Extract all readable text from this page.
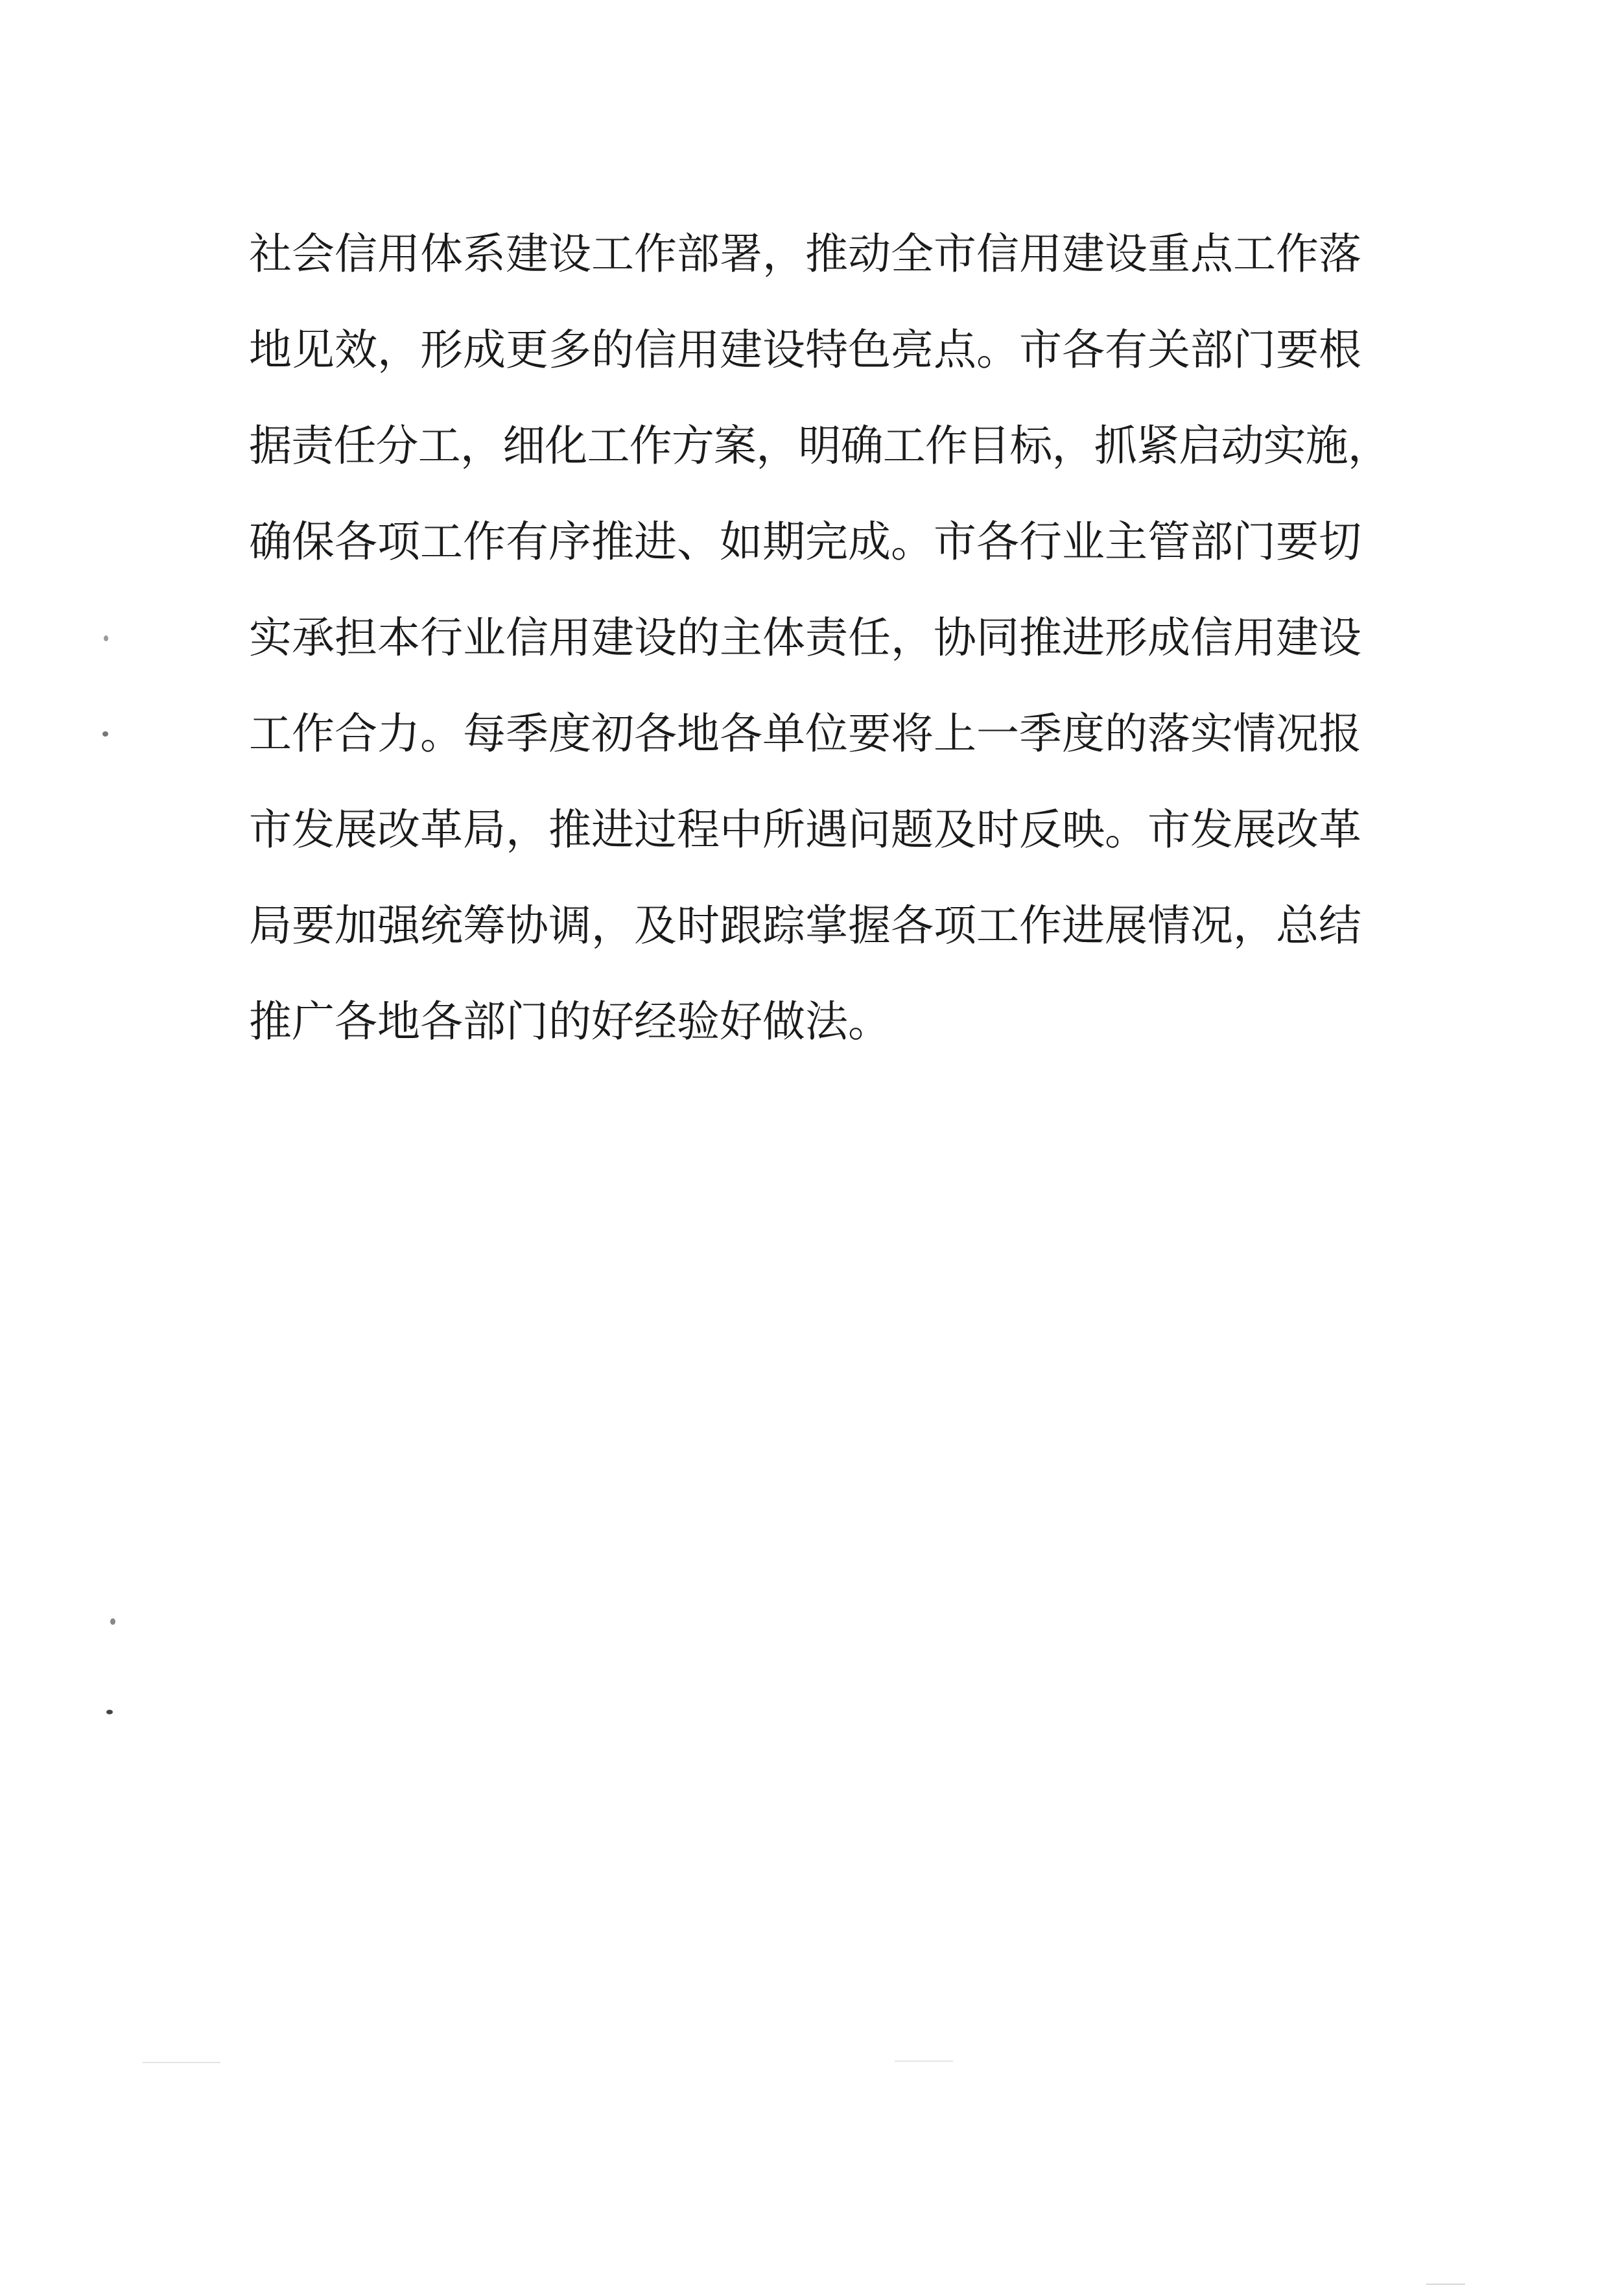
社会信用体系建设工作部署，推动全市信用建设重点工作落
地见效，形成更多的信用建设特色亮点。市各有关部门要根
据责任分工，细化工作方案，明确工作目标，抓紧启动实施，
确保各项工作有序推进、如期完成。市各行业主管部门要切
实承担本行业信用建设的主体责任，协同推进形成信用建设
工作合力。每季度初各地各单位要将上一季度的落实情况报
市发展改革局，推进过程中所遇问题及时反映。市发展改革
局要加强统筹协调，及时跟踪掌握各项工作进展情况，总结
推广各地各部门的好经验好做法。
